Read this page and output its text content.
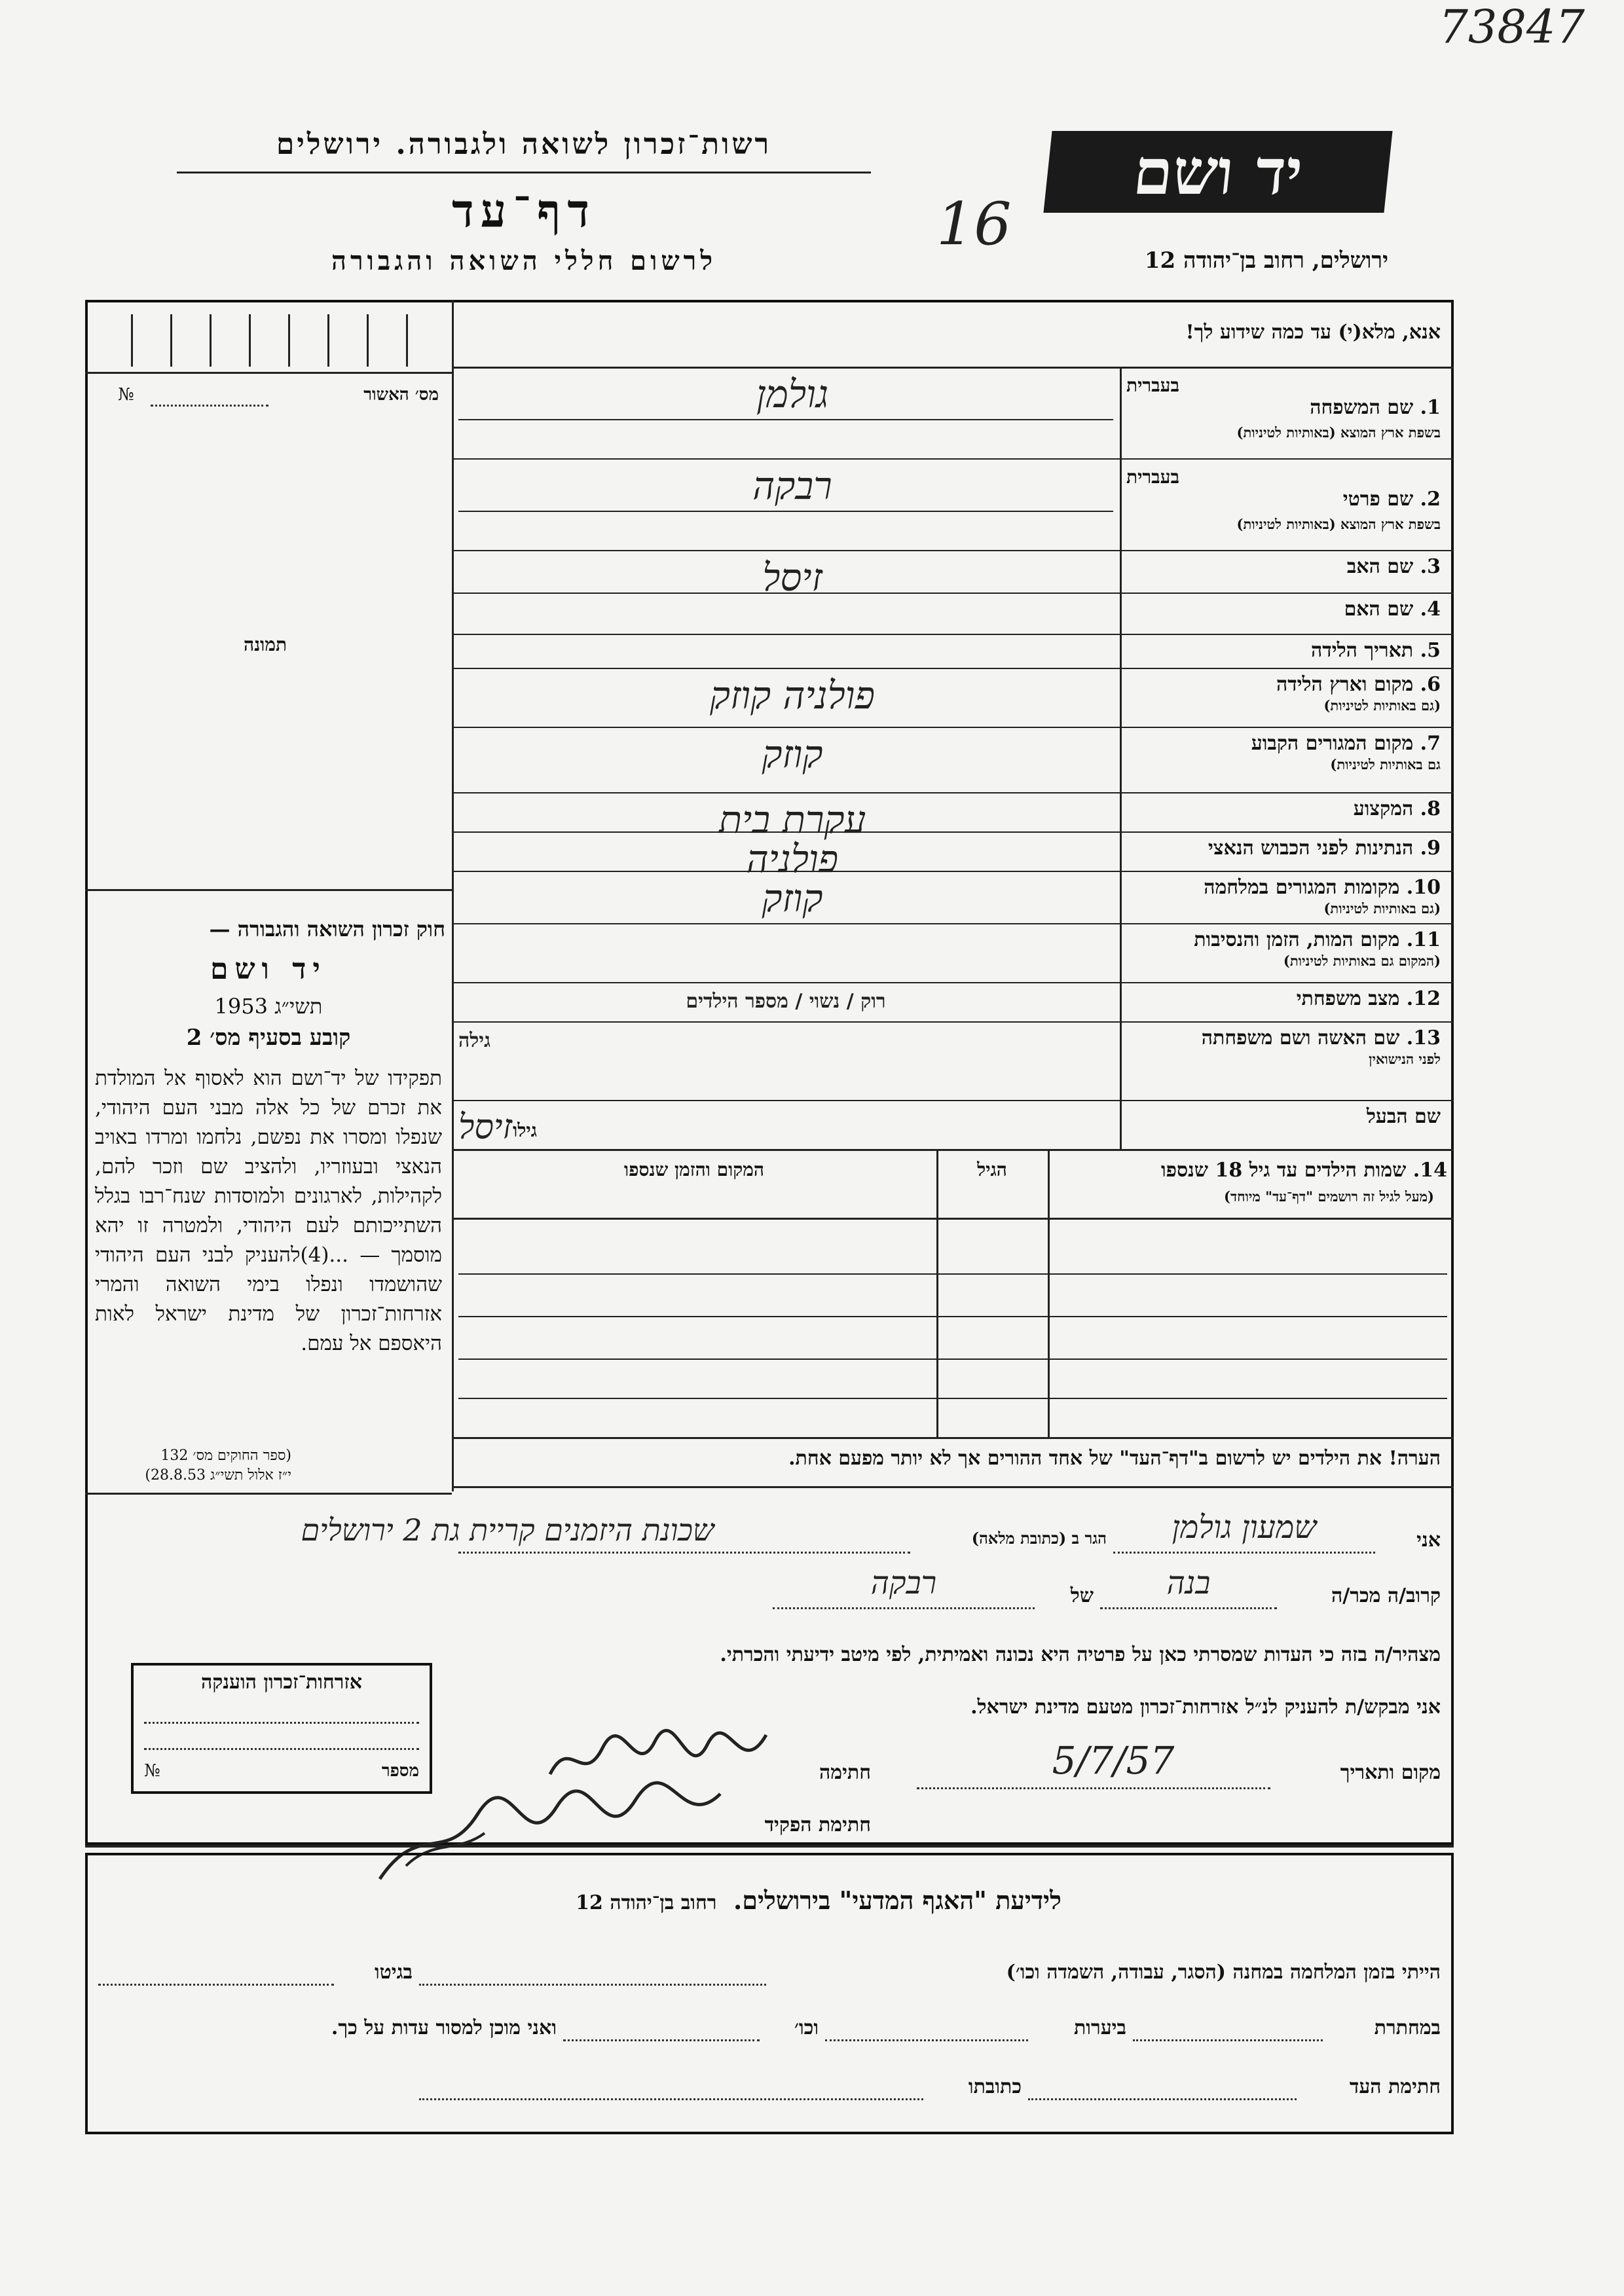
73847
רשות־זכרון לשואה ולגבורה. ירושלים
דף־עד
לרשום חללי השואה והגבורה
יד ושם
16
ירושלים, רחוב בן־יהודה 12
מס׳ האשור
№
תמונה
חוק זכרון השואה והגבורה —
יד ושם
תשי״ג 1953
קובע בסעיף מס׳ 2
תפקידו של יד־ושם הוא לאסוף אל המולדת את זכרם של כל אלה מבני העם היהודי, שנפלו ומסרו את נפשם, נלחמו ומרדו באויב הנאצי ובעוזריו, ולהציב שם וזכר להם, לקהילות, לארגונים ולמוסדות שנח־רבו בגלל השתייכותם לעם היהודי, ולמטרה זו יהא מוסמך — ...(4)להעניק לבני העם היהודי שהושמדו ונפלו בימי השואה והמרי אזרחות־זכרון של מדינת ישראל לאות היאספם אל עמם.
(ספר החוקים מס׳ 132
י״ז אלול תשי״ג 28.8.53)
אנא, מלא(י) עד כמה שידוע לך!
1. שם המשפחה
בעברית
בשפת ארץ המוצא (באותיות לטיניות)
גולמן
2. שם פרטי
בעברית
בשפת ארץ המוצא (באותיות לטיניות)
רבקה
3. שם האב
זיסל
4. שם האם
5. תאריך הלידה
6. מקום וארץ הלידה
(גם באותיות לטיניות)
פולניה קוזק
7. מקום המגורים הקבוע
גם באותיות לטיניות)
קוזק
8. המקצוע
עקרת בית
9. הנתינות לפני הכבוש הנאצי
פולניה
10. מקומות המגורים במלחמה
(גם באותיות לטיניות)
קוזק
11. מקום המות, הזמן והנסיבות
(המקום גם באותיות לטיניות)
12. מצב משפחתי
רוק / נשוי / מספר הילדים
13. שם האשה ושם משפחתה
לפני הנישואין
גילה
שם הבעל
זיסל גילו
14. שמות הילדים עד גיל 18 שנספו
(מעל לגיל זה רושמים "דף־עד" מיוחד)
הגיל
המקום והזמן שנספו
הערה! את הילדים יש לרשום ב"דף־העד" של אחד ההורים אך לא יותר מפעם אחת.
אני
שמעון גולמן
הגר ב (כתובת מלאה)
שכונת היזמנים קריית גת 2 ירושלים
קרוב/ה מכר/ה
בנה
של
רבקה
מצהיר/ה בזה כי העדות שמסרתי כאן על פרטיה היא נכונה ואמיתית, לפי מיטב ידיעתי והכרתי.
אני מבקש/ת להעניק לנ״ל אזרחות־זכרון מטעם מדינת ישראל.
מקום ותאריך
5/7/57
חתימה
חתימת הפקיד
אזרחות־זכרון הוענקה
מספר
№
לידיעת "האגף המדעי" בירושלים. רחוב בן־יהודה 12
הייתי בזמן המלחמה במחנה (הסגר, עבודה, השמדה וכו׳)
בגיטו
במחתרת
ביערות
וכו׳
ואני מוכן למסור עדות על כך.
חתימת העד
כתובתו
